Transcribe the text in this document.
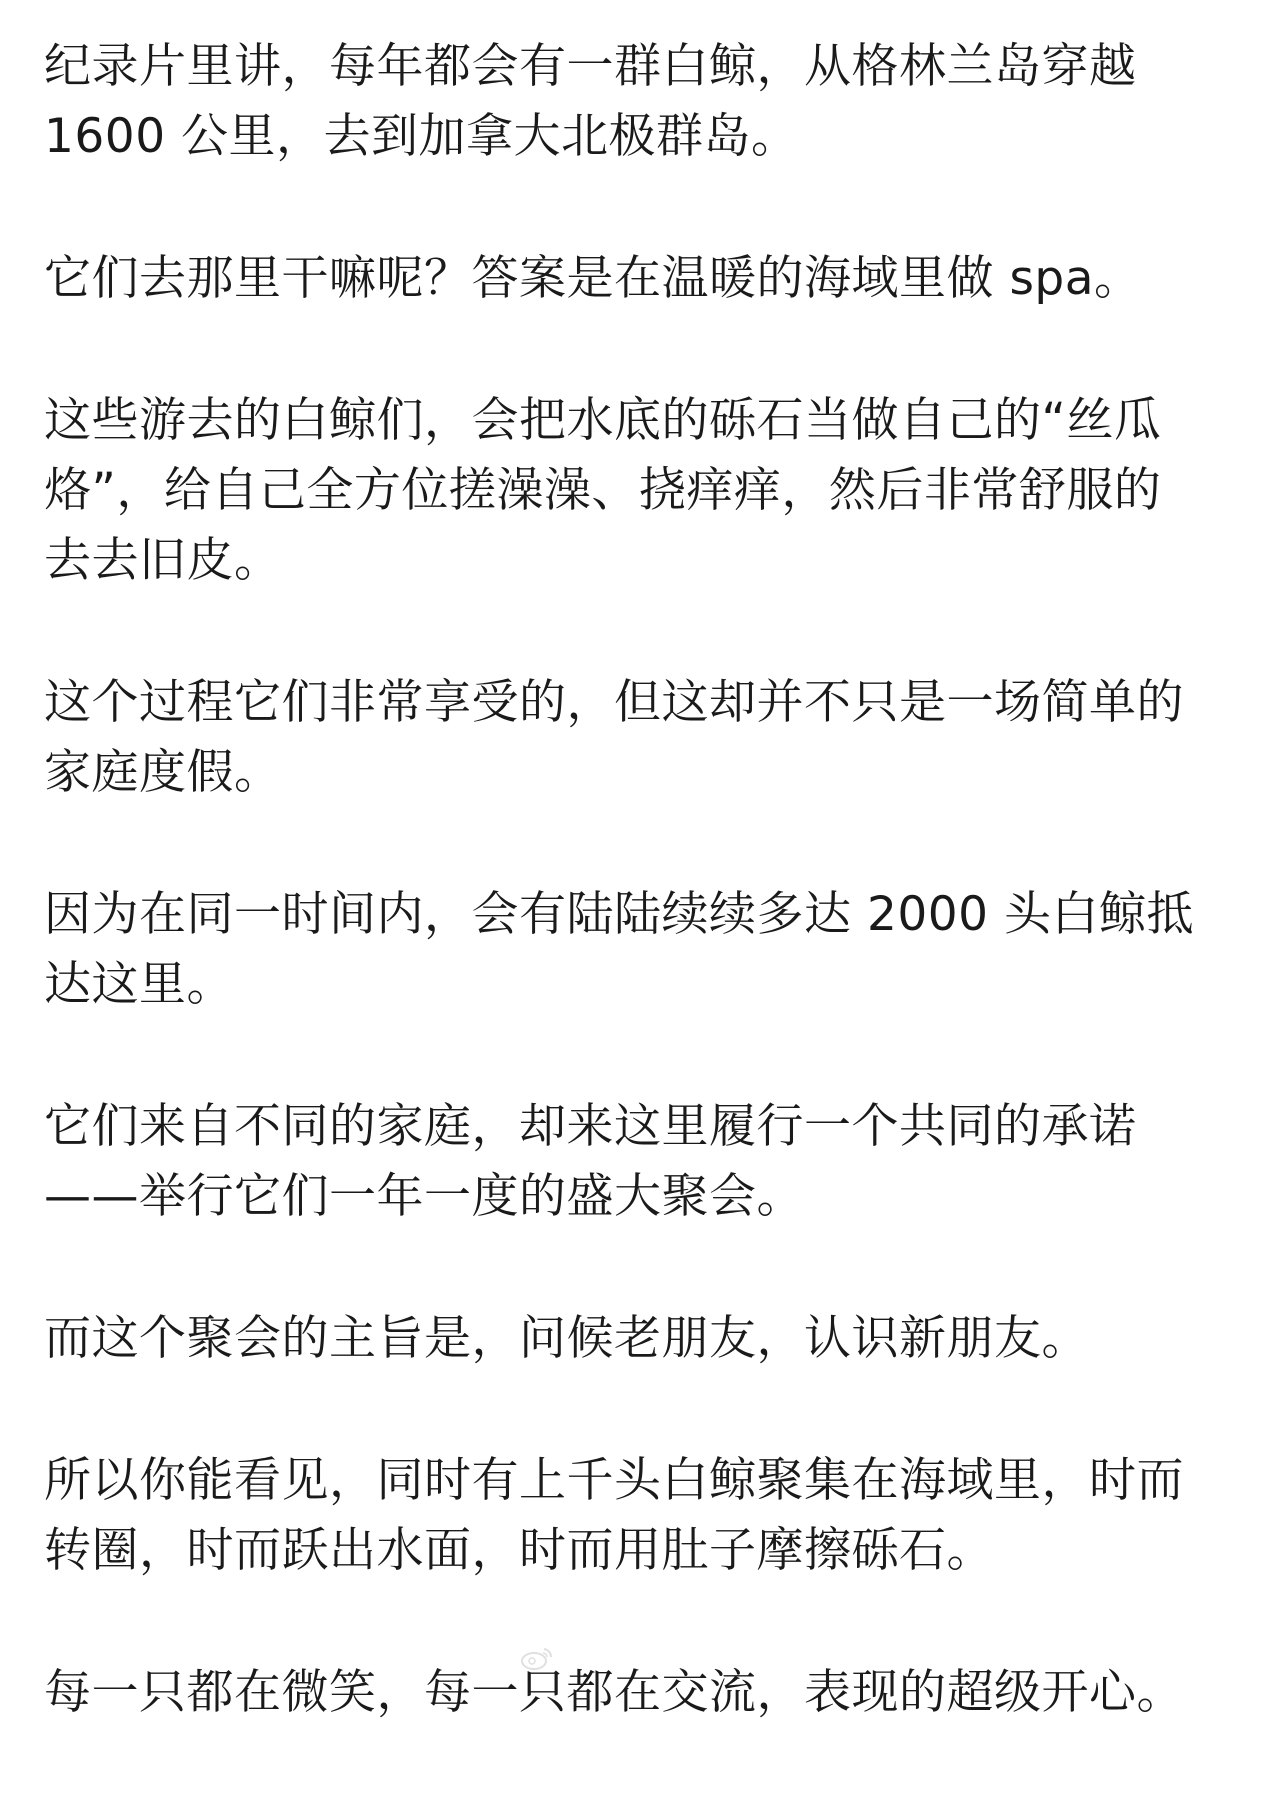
纪录片里讲，每年都会有一群白鲸，从格林兰岛穿越
1600 公里，去到加拿大北极群岛。

它们去那里干嘛呢？答案是在温暖的海域里做 spa。

这些游去的白鲸们，会把水底的砾石当做自己的“丝瓜
烙”，给自己全方位搓澡澡、挠痒痒，然后非常舒服的
去去旧皮。

这个过程它们非常享受的，但这却并不只是一场简单的
家庭度假。

因为在同一时间内，会有陆陆续续多达 2000 头白鲸抵
达这里。

它们来自不同的家庭，却来这里履行一个共同的承诺
——举行它们一年一度的盛大聚会。

而这个聚会的主旨是，问候老朋友，认识新朋友。

所以你能看见，同时有上千头白鲸聚集在海域里，时而
转圈，时而跃出水面，时而用肚子摩擦砾石。

每一只都在微笑，每一只都在交流，表现的超级开心。
